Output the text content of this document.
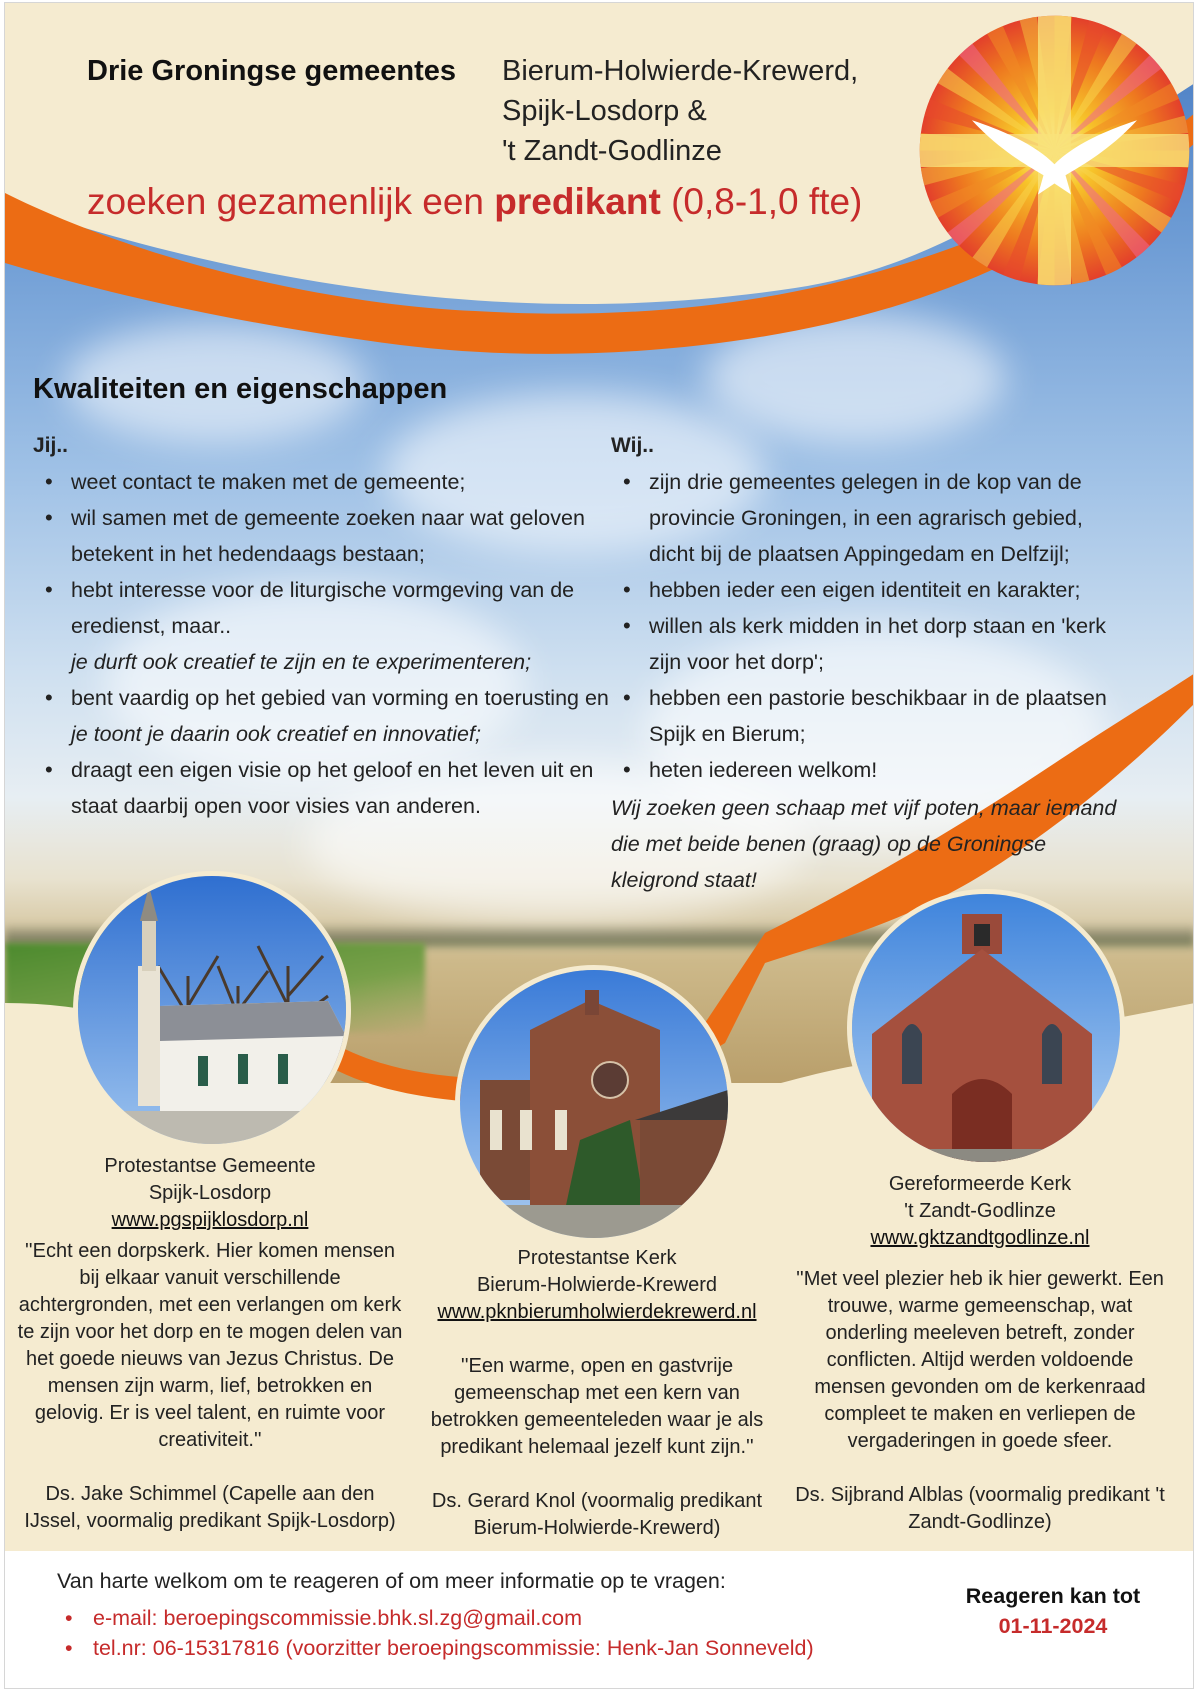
Drie Groningse gemeentes Bierum-Holwierde-Krewerd,
Spijk-Losdorp &
't Zandt-Godlinze
zoeken gezamenlijk een predikant (0,8-1,0 fte)
Kwaliteiten en eigenschappen
Jij..
• weet contact te maken met de gemeente;
• wil samen met de gemeente zoeken naar wat geloven betekent in het hedendaags bestaan;
• hebt interesse voor de liturgische vormgeving van de eredienst, maar..
je durft ook creatief te zijn en te experimenteren;
• bent vaardig op het gebied van vorming en toerusting en
je toont je daarin ook creatief en innovatief;
• draagt een eigen visie op het geloof en het leven uit en staat daarbij open voor visies van anderen.
Wij..
• zijn drie gemeentes gelegen in de kop van de provincie Groningen, in een agrarisch gebied, dicht bij de plaatsen Appingedam en Delfzijl;
• hebben ieder een eigen identiteit en karakter;
• willen als kerk midden in het dorp staan en 'kerk zijn voor het dorp';
• hebben een pastorie beschikbaar in de plaatsen Spijk en Bierum;
• heten iedereen welkom!
Wij zoeken geen schaap met vijf poten, maar iemand die met beide benen (graag) op de Groningse kleigrond staat!
Protestantse Gemeente
Spijk-Losdorp
www.pgspijklosdorp.nl
''Echt een dorpskerk. Hier komen mensen bij elkaar vanuit verschillende achtergronden, met een verlangen om kerk te zijn voor het dorp en te mogen delen van het goede nieuws van Jezus Christus. De mensen zijn warm, lief, betrokken en gelovig. Er is veel talent, en ruimte voor creativiteit.''
Ds. Jake Schimmel (Capelle aan den IJssel, voormalig predikant Spijk-Losdorp)
Protestantse Kerk
Bierum-Holwierde-Krewerd
www.pknbierumholwierdekrewerd.nl
''Een warme, open en gastvrije gemeenschap met een kern van betrokken gemeenteleden waar je als predikant helemaal jezelf kunt zijn.''
Ds. Gerard Knol (voormalig predikant Bierum-Holwierde-Krewerd)
Gereformeerde Kerk
't Zandt-Godlinze
www.gktzandtgodlinze.nl
''Met veel plezier heb ik hier gewerkt. Een trouwe, warme gemeenschap, wat onderling meeleven betreft, zonder conflicten. Altijd werden voldoende mensen gevonden om de kerkenraad compleet te maken en verliepen de vergaderingen in goede sfeer.
Ds. Sijbrand Alblas (voormalig predikant 't Zandt-Godlinze)
Van harte welkom om te reageren of om meer informatie op te vragen:
• e-mail: beroepingscommissie.bhk.sl.zg@gmail.com
• tel.nr: 06-15317816 (voorzitter beroepingscommissie: Henk-Jan Sonneveld)
Reageren kan tot
01-11-2024
